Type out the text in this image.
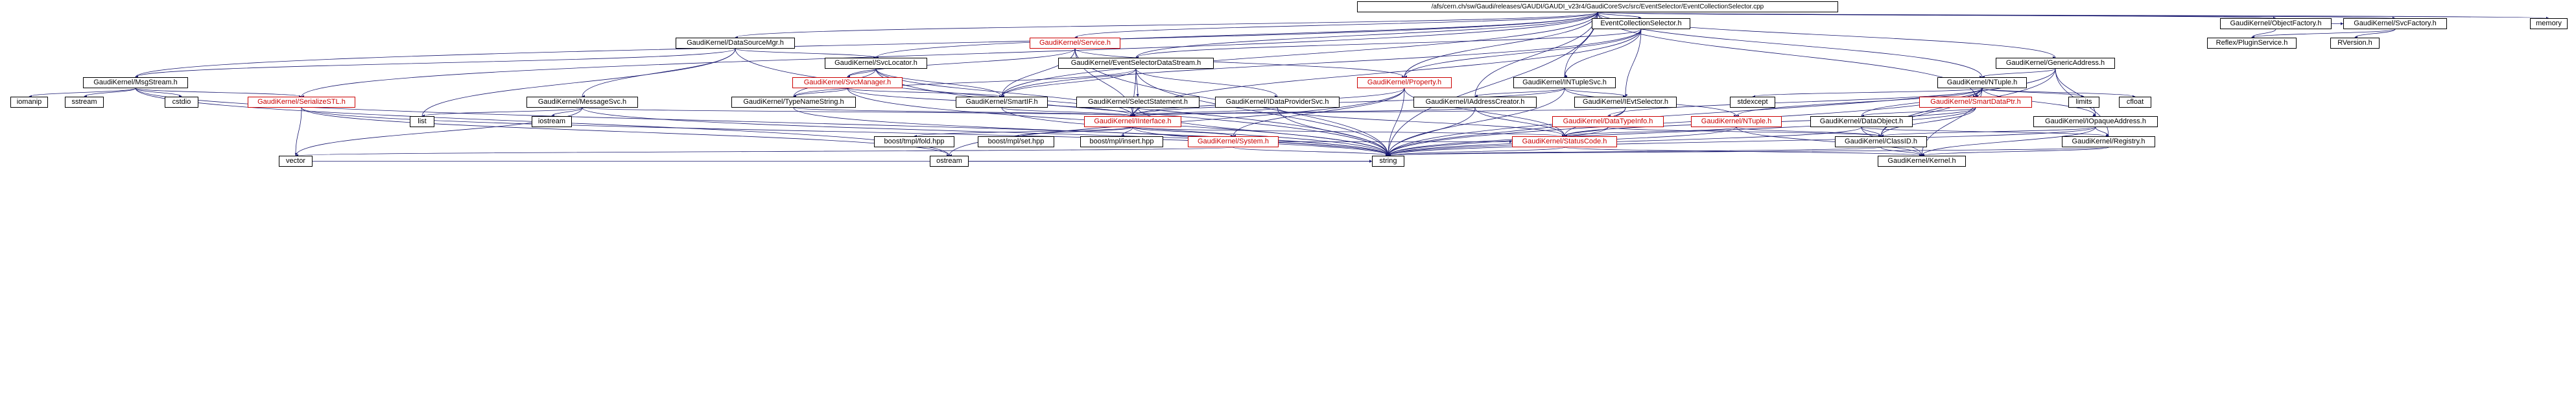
/afs/cern.ch/sw/Gaudi/releases/GAUDI/GAUDI_v23r4/GaudiCoreSvc/src/EventSelector/EventCollectionSelector.cpp
EventCollectionSelector.h	GaudiKernel/ObjectFactory.h	GaudiKernel/SvcFactory.h	memory
Reflex/PluginService.h	RVersion.h
GaudiKernel/DataSourceMgr.h	GaudiKernel/Service.h
GaudiKernel/SvcLocator.h	GaudiKernel/EventSelectorDataStream.h	GaudiKernel/GenericAddress.h
GaudiKernel/MsgStream.h	GaudiKernel/SvcManager.h	GaudiKernel/Property.h	GaudiKernel/INTupleSvc.h	GaudiKernel/NTuple.h
iomanip	sstream	cstdio	GaudiKernel/SerializeSTL.h	GaudiKernel/MessageSvc.h	GaudiKernel/TypeNameString.h	GaudiKernel/SmartIF.h	GaudiKernel/SelectStatement.h	GaudiKernel/IDataProviderSvc.h	GaudiKernel/IAddressCreator.h	GaudiKernel/IEvtSelector.h	stdexcept	GaudiKernel/SmartDataPtr.h	limits	cfloat
list	iostream	GaudiKernel/IInterface.h	GaudiKernel/DataTypeInfo.h	GaudiKernel/NTuple.h	GaudiKernel/DataObject.h	GaudiKernel/IOpaqueAddress.h
boost/tmpl/fold.hpp	boost/mpl/set.hpp	boost/mpl/insert.hpp	GaudiKernel/System.h	GaudiKernel/StatusCode.h	GaudiKernel/ClassID.h	GaudiKernel/Registry.h
vector	ostream	string	GaudiKernel/Kernel.h
